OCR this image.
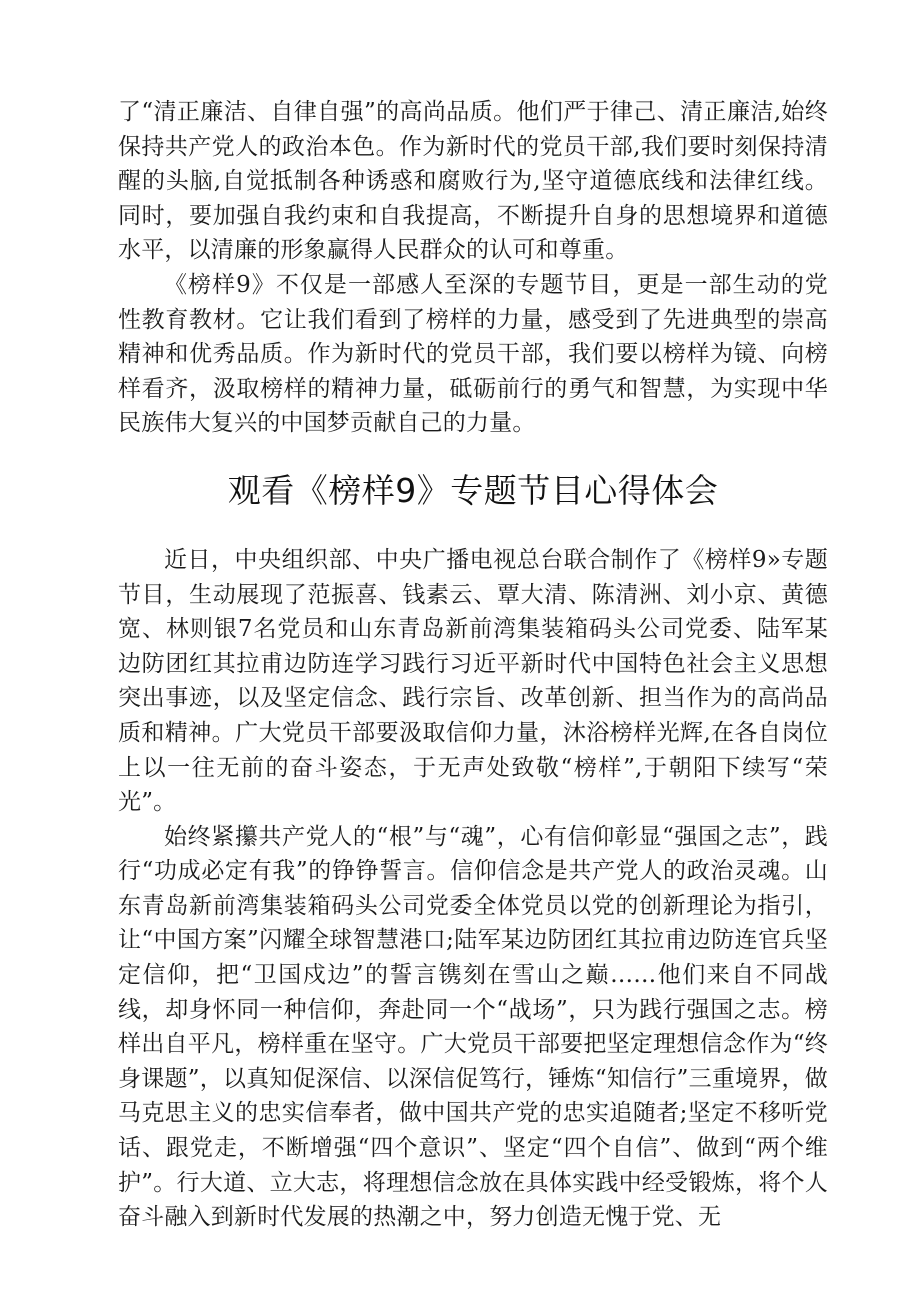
了“清正廉洁、自律自强”的高尚品质。他们严于律己、清正廉洁,始终保持共产党人的政治本色。作为新时代的党员干部,我们要时刻保持清醒的头脑,自觉抵制各种诱惑和腐败行为,坚守道德底线和法律红线。同时，要加强自我约束和自我提高，不断提升自身的思想境界和道德水平，以清廉的形象赢得人民群众的认可和尊重。

《榜样9》不仅是一部感人至深的专题节目，更是一部生动的党性教育教材。它让我们看到了榜样的力量，感受到了先进典型的崇高精神和优秀品质。作为新时代的党员干部，我们要以榜样为镜、向榜样看齐，汲取榜样的精神力量，砥砺前行的勇气和智慧，为实现中华民族伟大复兴的中国梦贡献自己的力量。

观看《榜样9》专题节目心得体会

近日，中央组织部、中央广播电视总台联合制作了《榜样9»专题节目，生动展现了范振喜、钱素云、覃大清、陈清洲、刘小京、黄德宽、林则银7名党员和山东青岛新前湾集装箱码头公司党委、陆军某边防团红其拉甫边防连学习践行习近平新时代中国特色社会主义思想突出事迹，以及坚定信念、践行宗旨、改革创新、担当作为的高尚品质和精神。广大党员干部要汲取信仰力量，沐浴榜样光辉,在各自岗位上以一往无前的奋斗姿态，于无声处致敬“榜样”,于朝阳下续写“荣光”。

始终紧攥共产党人的“根”与“魂”，心有信仰彰显“强国之志”，践行“功成必定有我”的铮铮誓言。信仰信念是共产党人的政治灵魂。山东青岛新前湾集装箱码头公司党委全体党员以党的创新理论为指引，让“中国方案”闪耀全球智慧港口;陆军某边防团红其拉甫边防连官兵坚定信仰，把“卫国戍边”的誓言镌刻在雪山之巅……他们来自不同战线，却身怀同一种信仰，奔赴同一个“战场”，只为践行强国之志。榜样出自平凡，榜样重在坚守。广大党员干部要把坚定理想信念作为“终身课题”，以真知促深信、以深信促笃行，锤炼“知信行”三重境界，做马克思主义的忠实信奉者，做中国共产党的忠实追随者;坚定不移听党话、跟党走，不断增强“四个意识”、坚定“四个自信”、做到“两个维护”。行大道、立大志，将理想信念放在具体实践中经受锻炼，将个人奋斗融入到新时代发展的热潮之中，努力创造无愧于党、无
